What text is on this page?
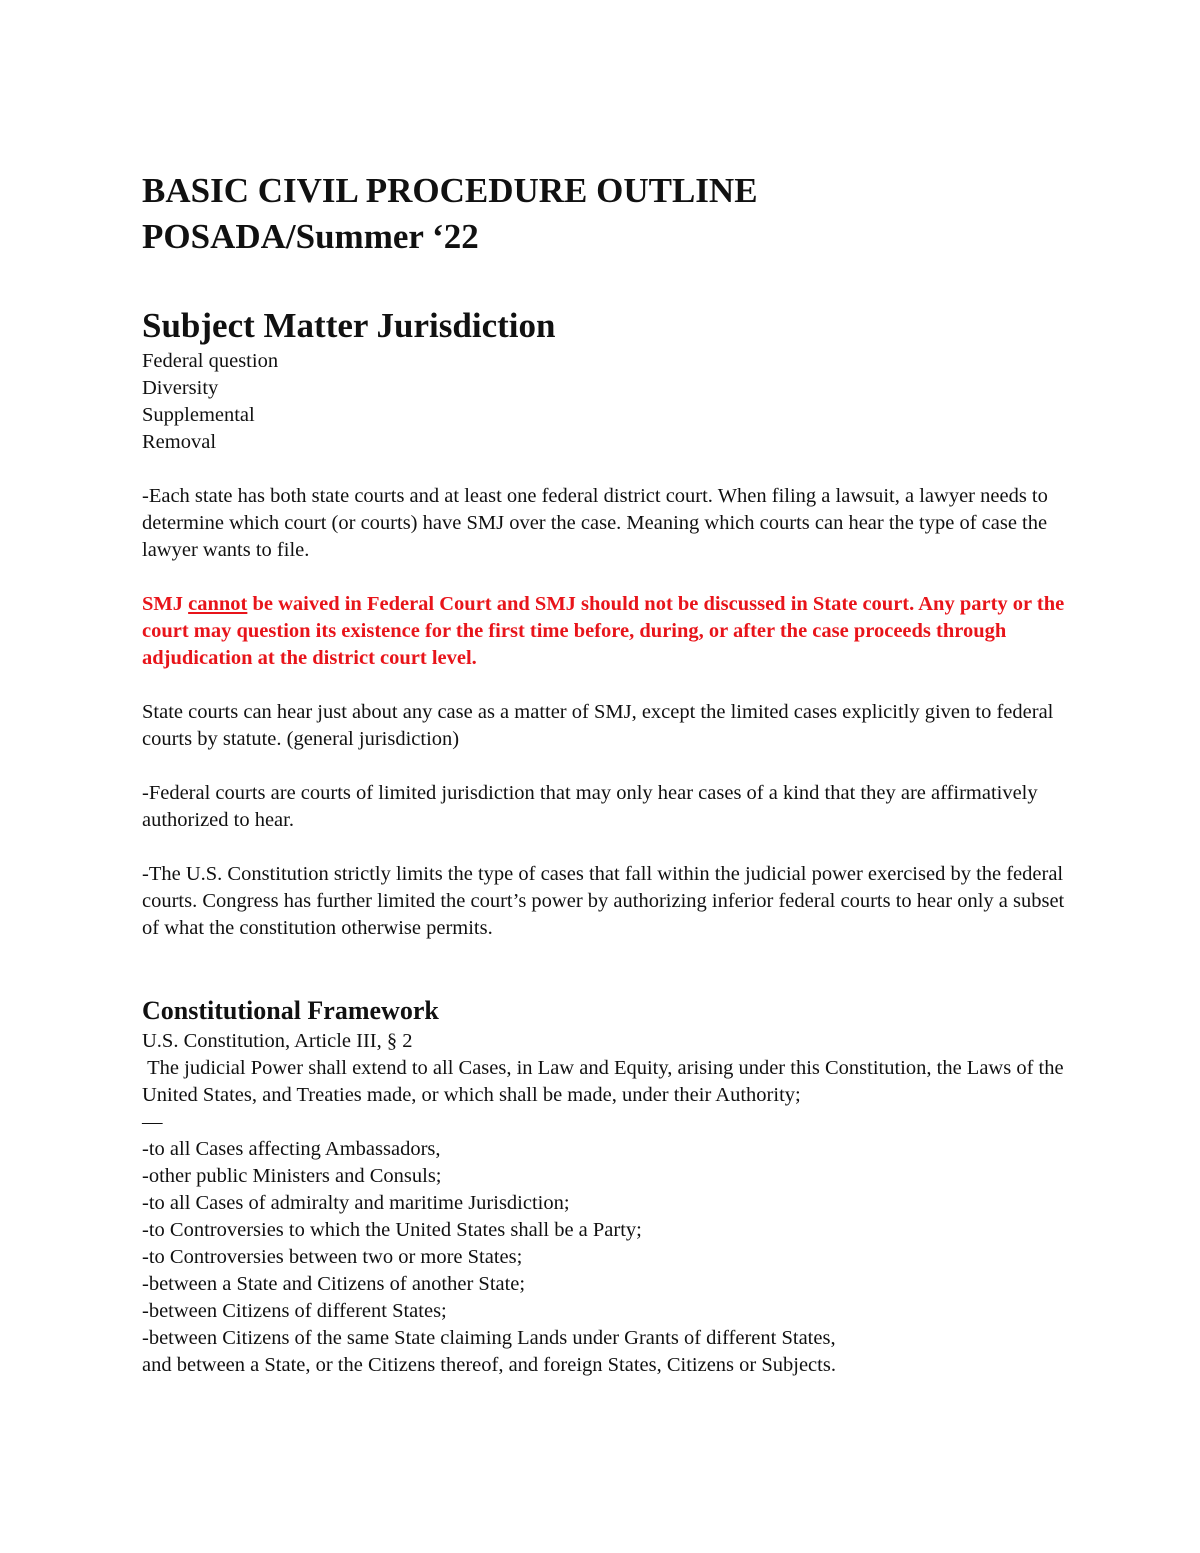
BASIC CIVIL PROCEDURE OUTLINE
POSADA/Summer ‘22
Subject Matter Jurisdiction
Federal question
Diversity
Supplemental
Removal

-Each state has both state courts and at least one federal district court. When filing a lawsuit, a lawyer needs to determine which court (or courts) have SMJ over the case. Meaning which courts can hear the type of case the lawyer wants to file.

SMJ cannot be waived in Federal Court and SMJ should not be discussed in State court. Any party or the court may question its existence for the first time before, during, or after the case proceeds through adjudication at the district court level.

State courts can hear just about any case as a matter of SMJ, except the limited cases explicitly given to federal courts by statute. (general jurisdiction)

-Federal courts are courts of limited jurisdiction that may only hear cases of a kind that they are affirmatively authorized to hear.

-The U.S. Constitution strictly limits the type of cases that fall within the judicial power exercised by the federal courts. Congress has further limited the court’s power by authorizing inferior federal courts to hear only a subset of what the constitution otherwise permits.

Constitutional Framework
U.S. Constitution, Article III, § 2
The judicial Power shall extend to all Cases, in Law and Equity, arising under this Constitution, the Laws of the United States, and Treaties made, or which shall be made, under their Authority;
—
-to all Cases affecting Ambassadors,
-other public Ministers and Consuls;
-to all Cases of admiralty and maritime Jurisdiction;
-to Controversies to which the United States shall be a Party;
-to Controversies between two or more States;
-between a State and Citizens of another State;
-between Citizens of different States;
-between Citizens of the same State claiming Lands under Grants of different States,
and between a State, or the Citizens thereof, and foreign States, Citizens or Subjects.
